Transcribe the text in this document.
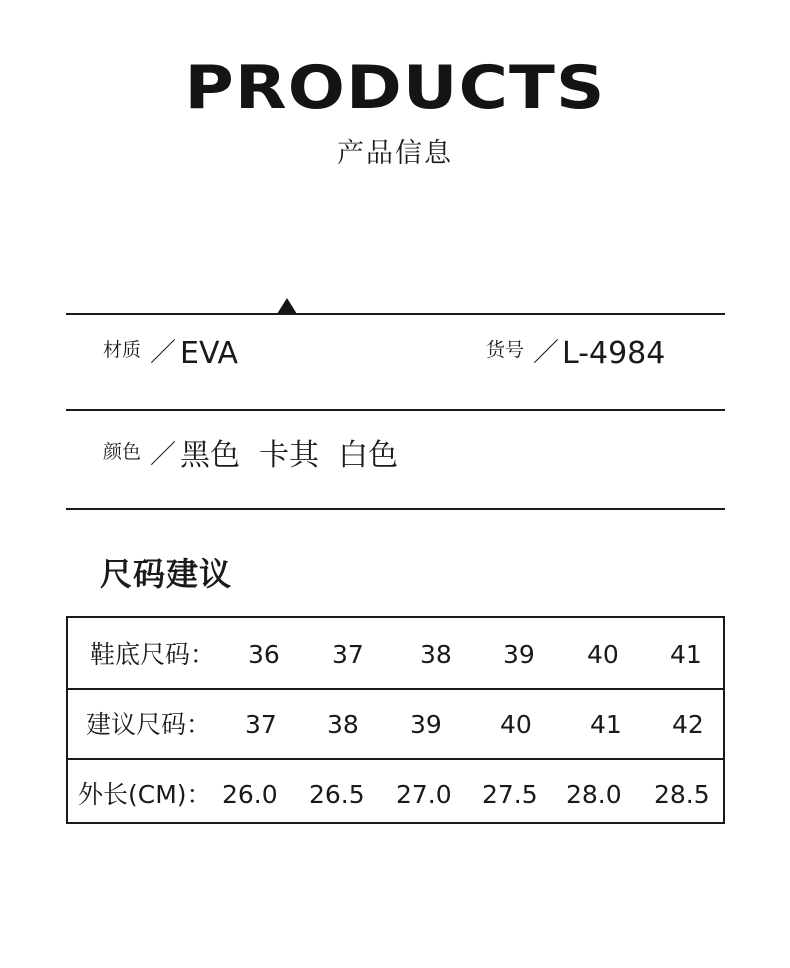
PRODUCTS
产品信息
材质 ／ EVA	货号 ／ L-4984
颜色 ／ 黑色  卡其  白色
尺码建议
鞋底尺码： 36 37 38 39 40 41
建议尺码： 37 38 39 40 41 42
外长(CM)： 26.0 26.5 27.0 27.5 28.0 28.5
